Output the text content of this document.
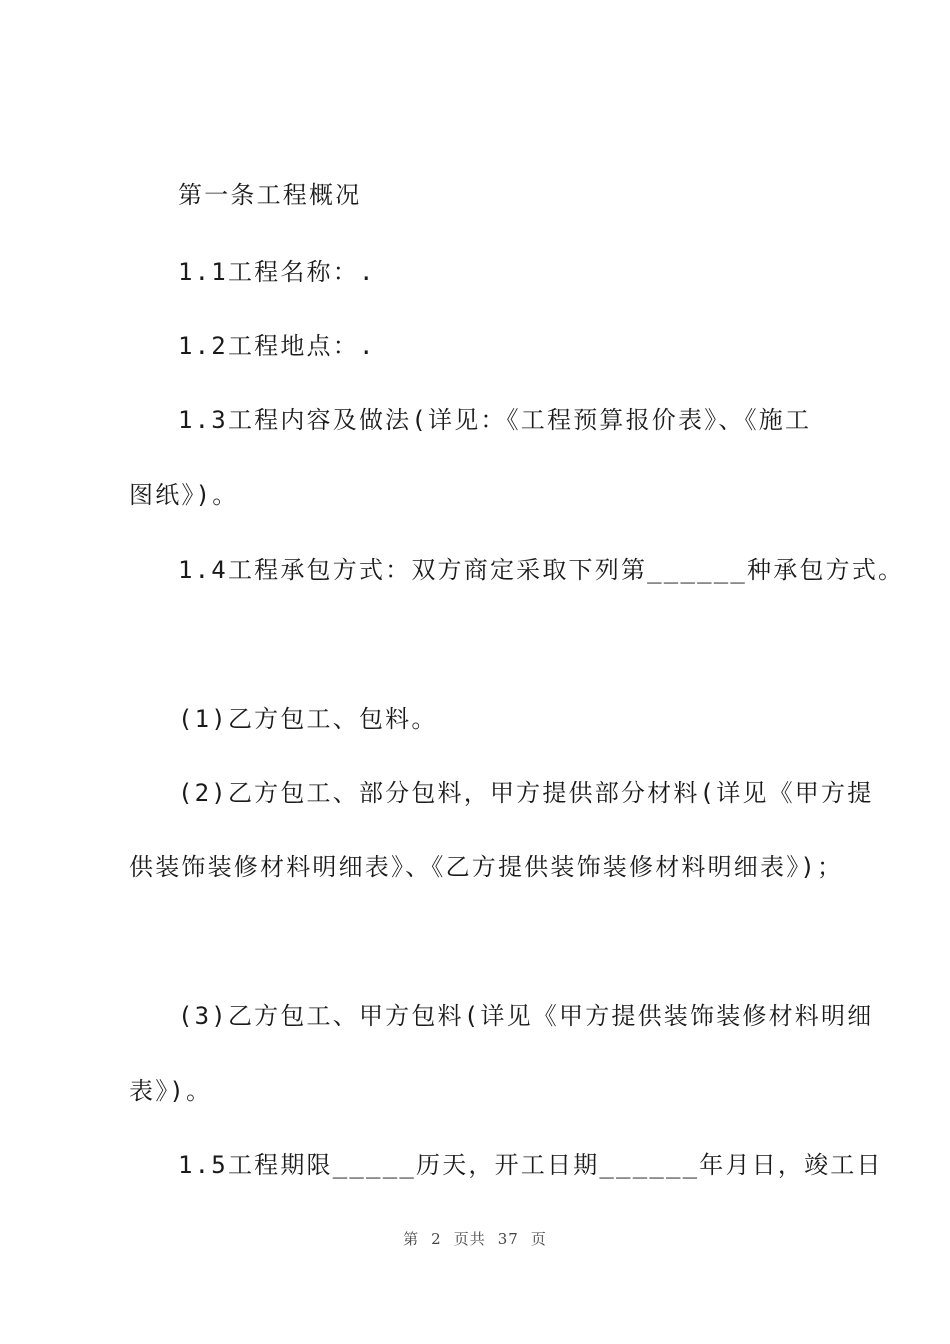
第一条工程概况
1.1工程名称：.
1.2工程地点：.
1.3工程内容及做法(详见：《工程预算报价表》、《施工
图纸》)。
1.4工程承包方式：双方商定采取下列第______种承包方式。
(1)乙方包工、包料。
(2)乙方包工、部分包料，甲方提供部分材料(详见《甲方提
供装饰装修材料明细表》、《乙方提供装饰装修材料明细表》)；
(3)乙方包工、甲方包料(详见《甲方提供装饰装修材料明细
表》)。
1.5工程期限_____历天，开工日期______年月日，竣工日
第 2 页共 37 页
